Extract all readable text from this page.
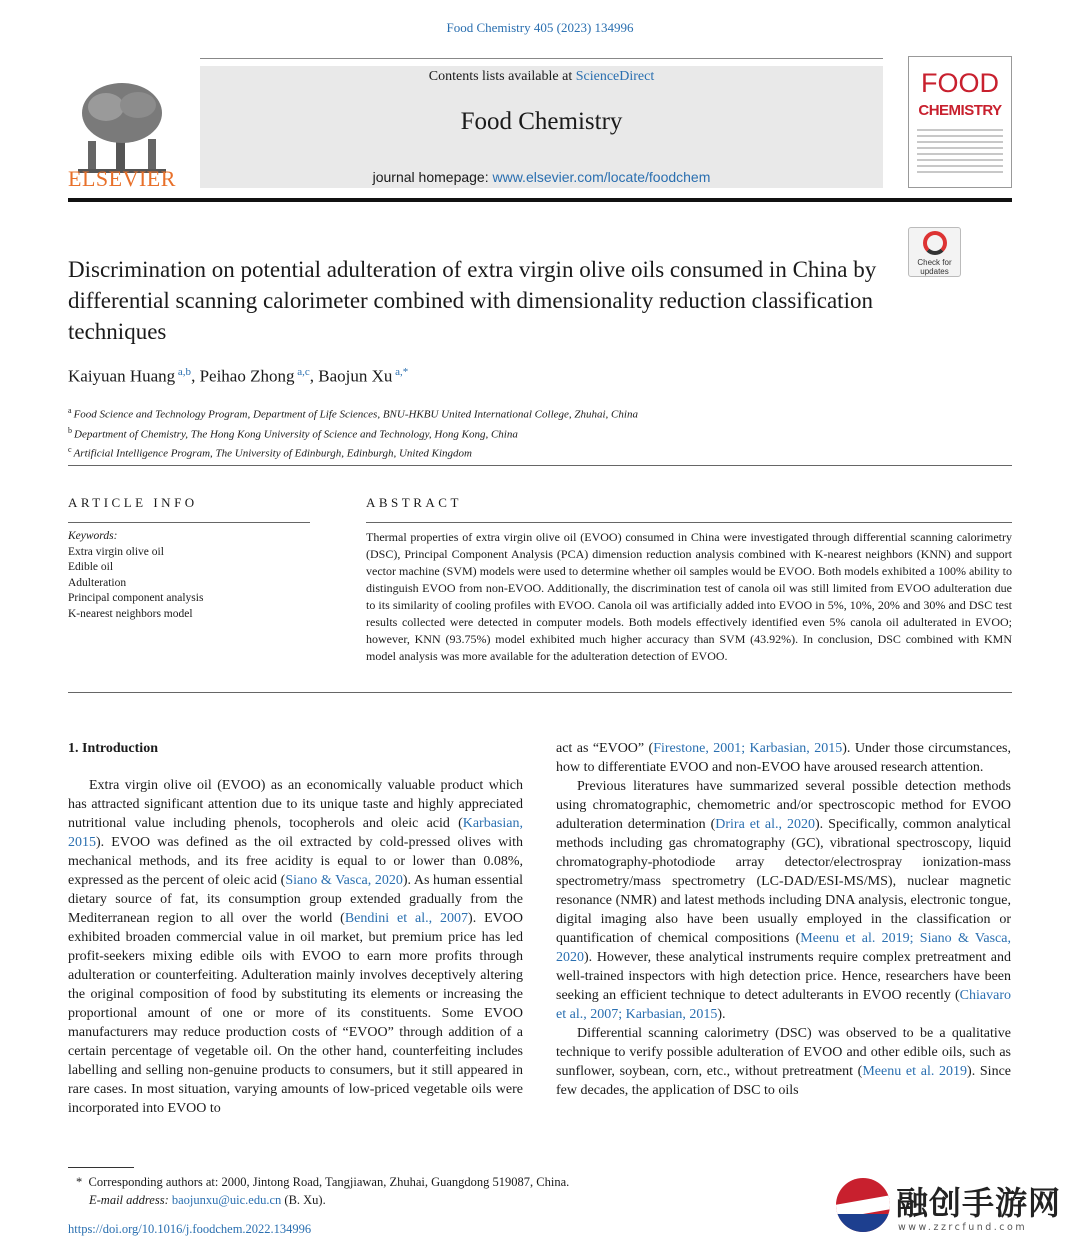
Food Chemistry 405 (2023) 134996
ELSEVIER
Contents lists available at ScienceDirect
Food Chemistry
journal homepage: www.elsevier.com/locate/foodchem
FOOD
CHEMISTRY
Check for updates
Discrimination on potential adulteration of extra virgin olive oils consumed in China by differential scanning calorimeter combined with dimensionality reduction classification techniques
Kaiyuan Huang $^{a,b}$, Peihao Zhong $^{a,c}$, Baojun Xu $^{a,*}$
$^a$ Food Science and Technology Program, Department of Life Sciences, BNU-HKBU United International College, Zhuhai, China
$^b$ Department of Chemistry, The Hong Kong University of Science and Technology, Hong Kong, China
$^c$ Artificial Intelligence Program, The University of Edinburgh, Edinburgh, United Kingdom
ARTICLE INFO	ABSTRACT
Keywords:
Extra virgin olive oil
Edible oil
Adulteration
Principal component analysis
K-nearest neighbors model
Thermal properties of extra virgin olive oil (EVOO) consumed in China were investigated through differential scanning calorimetry (DSC), Principal Component Analysis (PCA) dimension reduction analysis combined with K-nearest neighbors (KNN) and support vector machine (SVM) models were used to determine whether oil samples would be EVOO. Both models exhibited a 100% ability to distinguish EVOO from non-EVOO. Additionally, the discrimination test of canola oil was still limited from EVOO adulteration due to its similarity of cooling profiles with EVOO. Canola oil was artificially added into EVOO in 5%, 10%, 20% and 30% and DSC test results collected were detected in computer models. Both models effectively identified even 5% canola oil adulterated in EVOO; however, KNN (93.75%) model exhibited much higher accuracy than SVM (43.92%). In conclusion, DSC combined with KMN model analysis was more available for the adulteration detection of EVOO.
1. Introduction

Extra virgin olive oil (EVOO) as an economically valuable product which has attracted significant attention due to its unique taste and highly appreciated nutritional value including phenols, tocopherols and oleic acid (Karbasian, 2015). EVOO was defined as the oil extracted by cold-pressed olives with mechanical methods, and its free acidity is equal to or lower than 0.08%, expressed as the percent of oleic acid (Siano & Vasca, 2020). As human essential dietary source of fat, its consumption group extended gradually from the Mediterranean region to all over the world (Bendini et al., 2007). EVOO exhibited broaden commercial value in oil market, but premium price has led profit-seekers mixing edible oils with EVOO to earn more profits through adulteration or counterfeiting. Adulteration mainly involves deceptively altering the original composition of food by substituting its elements or increasing the proportional amount of one or more of its constituents. Some EVOO manufacturers may reduce production costs of “EVOO” through addition of a certain percentage of vegetable oil. On the other hand, counterfeiting includes labelling and selling non-genuine products to consumers, but it still appeared in rare cases. In most situation, varying amounts of low-priced vegetable oils were incorporated into EVOO to

act as “EVOO” (Firestone, 2001; Karbasian, 2015). Under those circumstances, how to differentiate EVOO and non-EVOO have aroused research attention.

Previous literatures have summarized several possible detection methods using chromatographic, chemometric and/or spectroscopic method for EVOO adulteration determination (Drira et al., 2020). Specifically, common analytical methods including gas chromatography (GC), vibrational spectroscopy, liquid chromatography-photodiode array detector/electrospray ionization-mass spectrometry/mass spectrometry (LC-DAD/ESI-MS/MS), nuclear magnetic resonance (NMR) and latest methods including DNA analysis, electronic tongue, digital imaging also have been usually employed in the classification or quantification of chemical compositions (Meenu et al. 2019; Siano & Vasca, 2020). However, these analytical instruments require complex pretreatment and well-trained inspectors with high detection price. Hence, researchers have been seeking an efficient technique to detect adulterants in EVOO recently (Chiavaro et al., 2007; Karbasian, 2015).

Differential scanning calorimetry (DSC) was observed to be a qualitative technique to verify possible adulteration of EVOO and other edible oils, such as sunflower, soybean, corn, etc., without pretreatment (Meenu et al. 2019). Since few decades, the application of DSC to oils

* Corresponding authors at: 2000, Jintong Road, Tangjiawan, Zhuhai, Guangdong 519087, China.
E-mail address: baojunxu@uic.edu.cn (B. Xu).
https://doi.org/10.1016/j.foodchem.2022.134996
融创手游网
www.zzrcfund.com
